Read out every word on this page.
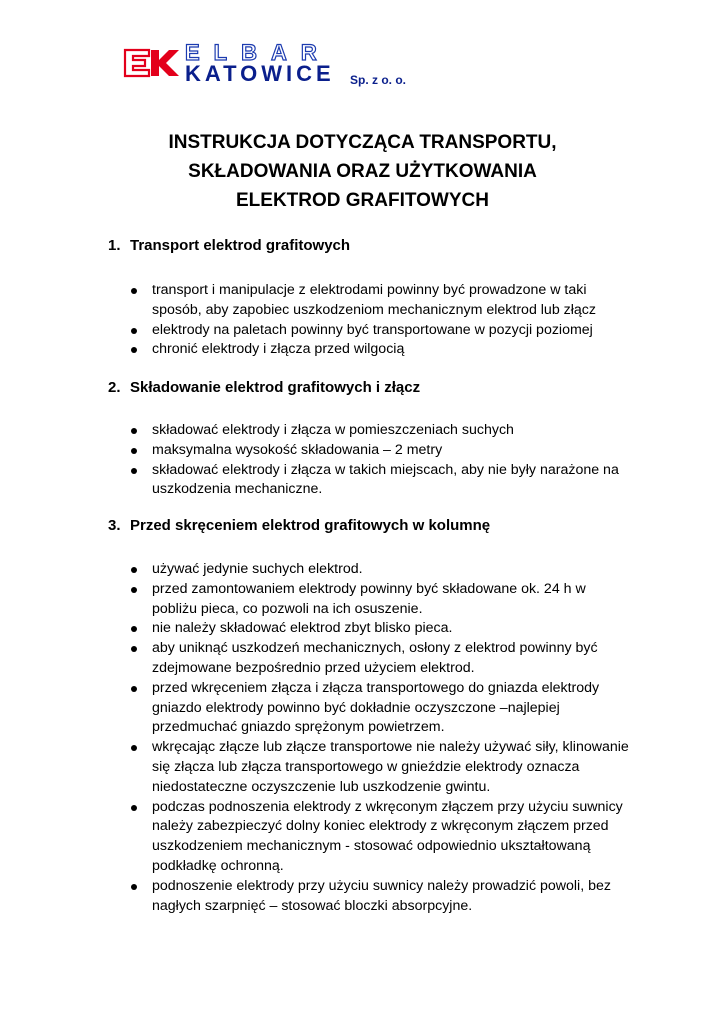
ELBAR
KATOWICE Sp. z o. o.
INSTRUKCJA DOTYCZĄCA TRANSPORTU,
SKŁADOWANIA ORAZ UŻYTKOWANIA
ELEKTROD GRAFITOWYCH

1. Transport elektrod grafitowych

transport i manipulacje z elektrodami powinny być prowadzone w taki
sposób, aby zapobiec uszkodzeniom mechanicznym elektrod lub złącz
elektrody na paletach powinny być transportowane w pozycji poziomej
chronić elektrody i złącza przed wilgocią

2. Składowanie elektrod grafitowych i złącz

składować elektrody i złącza w pomieszczeniach suchych
maksymalna wysokość składowania – 2 metry
składować elektrody i złącza w takich miejscach, aby nie były narażone na
uszkodzenia mechaniczne.

3. Przed skręceniem elektrod grafitowych w kolumnę

używać jedynie suchych elektrod.
przed zamontowaniem elektrody powinny być składowane ok. 24 h w
pobliżu pieca, co pozwoli na ich osuszenie.
nie należy składować elektrod zbyt blisko pieca.
aby uniknąć uszkodzeń mechanicznych, osłony z elektrod powinny być
zdejmowane bezpośrednio przed użyciem elektrod.
przed wkręceniem złącza i złącza transportowego do gniazda elektrody
gniazdo elektrody powinno być dokładnie oczyszczone –najlepiej
przedmuchać gniazdo sprężonym powietrzem.
wkręcając złącze lub złącze transportowe nie należy używać siły, klinowanie
się złącza lub złącza transportowego w gnieździe elektrody oznacza
niedostateczne oczyszczenie lub uszkodzenie gwintu.
podczas podnoszenia elektrody z wkręconym złączem przy użyciu suwnicy
należy zabezpieczyć dolny koniec elektrody z wkręconym złączem przed
uszkodzeniem mechanicznym - stosować odpowiednio ukształtowaną
podkładkę ochronną.
podnoszenie elektrody przy użyciu suwnicy należy prowadzić powoli, bez
nagłych szarpnięć – stosować bloczki absorpcyjne.
